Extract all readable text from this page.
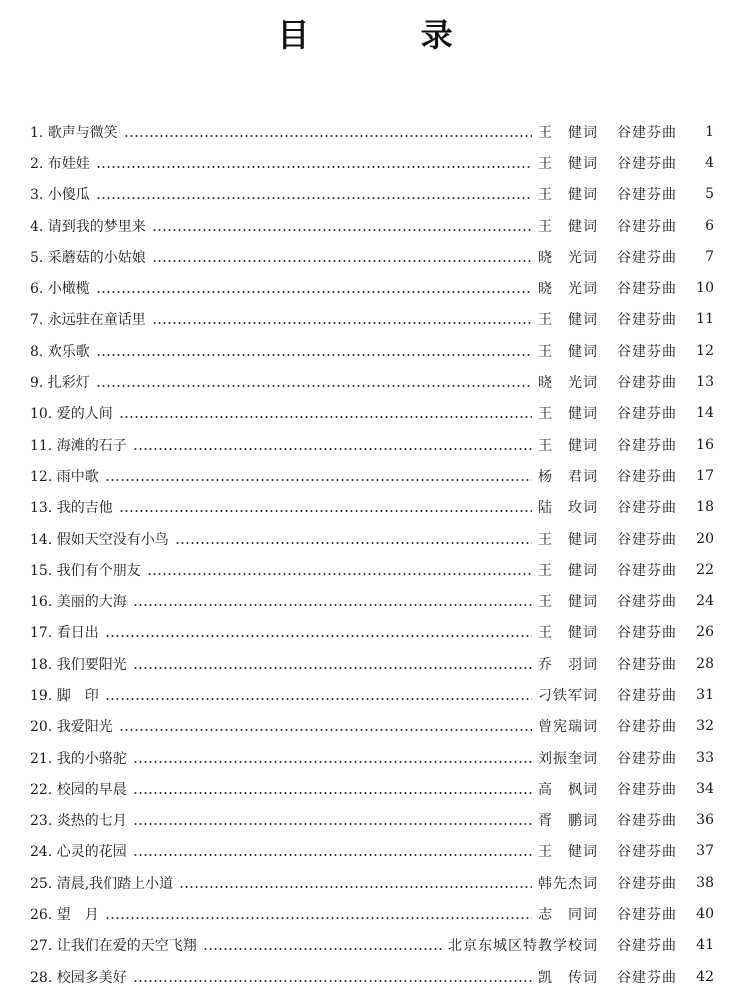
目 录
1. 歌声与微笑	王　健词 谷建芬曲	1
2. 布娃娃	王　健词 谷建芬曲	4
3. 小傻瓜	王　健词 谷建芬曲	5
4. 请到我的梦里来	王　健词 谷建芬曲	6
5. 采蘑菇的小姑娘	晓　光词 谷建芬曲	7
6. 小橄榄	晓　光词 谷建芬曲	10
7. 永远驻在童话里	王　健词 谷建芬曲	11
8. 欢乐歌	王　健词 谷建芬曲	12
9. 扎彩灯	晓　光词 谷建芬曲	13
10. 爱的人间	王　健词 谷建芬曲	14
11. 海滩的石子	王　健词 谷建芬曲	16
12. 雨中歌	杨　君词 谷建芬曲	17
13. 我的吉他	陆　玫词 谷建芬曲	18
14. 假如天空没有小鸟	王　健词 谷建芬曲	20
15. 我们有个朋友	王　健词 谷建芬曲	22
16. 美丽的大海	王　健词 谷建芬曲	24
17. 看日出	王　健词 谷建芬曲	26
18. 我们要阳光	乔　羽词 谷建芬曲	28
19. 脚　印	刁铁军词 谷建芬曲	31
20. 我爱阳光	曾宪瑞词 谷建芬曲	32
21. 我的小骆驼	刘振奎词 谷建芬曲	33
22. 校园的早晨	高　枫词 谷建芬曲	34
23. 炎热的七月	胥　鹏词 谷建芬曲	36
24. 心灵的花园	王　健词 谷建芬曲	37
25. 清晨,我们踏上小道	韩先杰词 谷建芬曲	38
26. 望　月	志　同词 谷建芬曲	40
27. 让我们在爱的天空飞翔	北京东城区特教学校词 谷建芬曲	41
28. 校园多美好	凯　传词 谷建芬曲	42
